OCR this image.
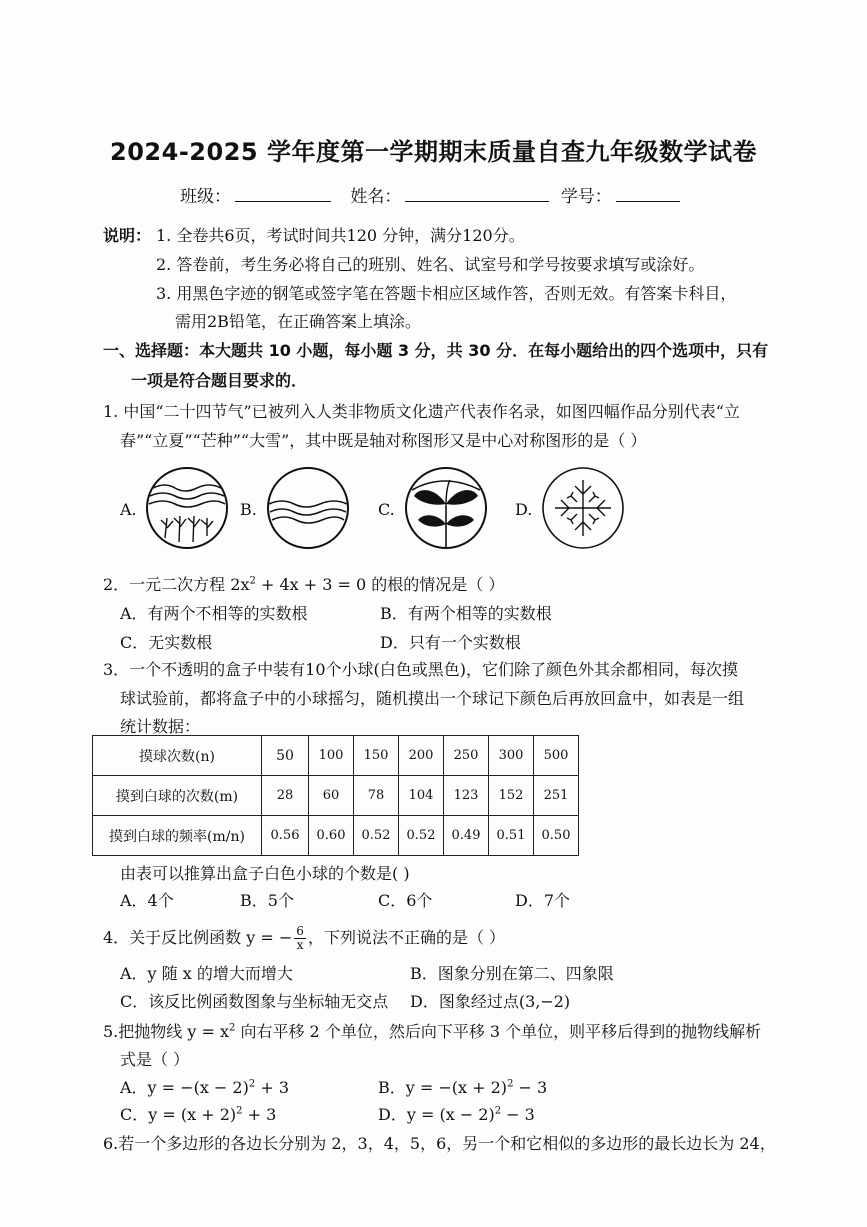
2024-2025 学年度第一学期期末质量自查九年级数学试卷
班级：	姓名：	学号：
说明： 1. 全卷共6页，考试时间共120 分钟，满分120分。
2. 答卷前，考生务必将自己的班别、姓名、试室号和学号按要求填写或涂好。
3. 用黑色字迹的钢笔或签字笔在答题卡相应区域作答，否则无效。有答案卡科目，
需用2B铅笔，在正确答案上填涂。
一、选择题：本大题共 10 小题，每小题 3 分，共 30 分．在每小题给出的四个选项中，只有
一项是符合题目要求的．
1. 中国“二十四节气”已被列入人类非物质文化遗产代表作名录，如图四幅作品分别代表“立
春”“立夏”“芒种”“大雪”，其中既是轴对称图形又是中心对称图形的是（ ）
A.	B.	C.	D.
2．一元二次方程 $2x^2 + 4x + 3 = 0$ 的根的情况是（ ）
A．有两个不相等的实数根	B．有两个相等的实数根
C．无实数根	D．只有一个实数根
3．一个不透明的盒子中装有10个小球(白色或黑色)，它们除了颜色外其余都相同，每次摸
球试验前，都将盒子中的小球摇匀，随机摸出一个球记下颜色后再放回盒中，如表是一组
统计数据：
摸球次数(n)	50	100	150	200	250	300	500
摸到白球的次数(m)	28	60	78	104	123	152	251
摸到白球的频率(m/n)	0.56	0.60	0.52	0.52	0.49	0.51	0.50
由表可以推算出盒子白色小球的个数是( )
A．4个	B．5个	C．6个	D．7个
4．关于反比例函数 y = − $\frac{6}{x}$ ，下列说法不正确的是（ ）
A．y 随 x 的增大而增大	B．图象分别在第二、四象限
C．该反比例函数图象与坐标轴无交点 D．图象经过点(3,−2)
5.把抛物线 $y = x^2$ 向右平移 2 个单位，然后向下平移 3 个单位，则平移后得到的抛物线解析
式是（ ）
A．$y = -(x - 2)^2 + 3$	B．$y = -(x + 2)^2 - 3$
C．$y = (x + 2)^2 + 3$	D．$y = (x - 2)^2 - 3$
6.若一个多边形的各边长分别为 2，3，4，5，6，另一个和它相似的多边形的最长边长为 24，
